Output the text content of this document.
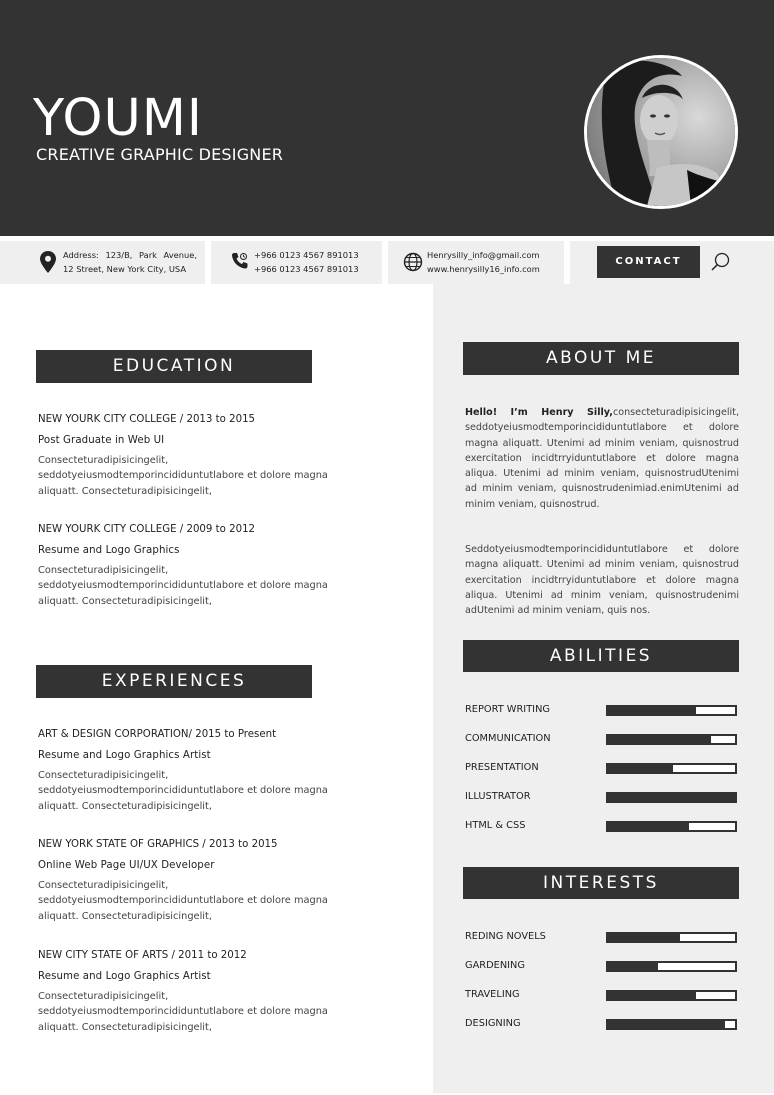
YOUMI
CREATIVE GRAPHIC DESIGNER
Address: 123/B, Park Avenue,
12 Street, New York City, USA
+966 0123 4567 891013
+966 0123 4567 891013
Henrysilly_info@gmail.com
www.henrysilly16_info.com
CONTACT
EDUCATION
NEW YOURK CITY COLLEGE / 2013 to 2015
Post Graduate in Web UI
Consecteturadipisicingelit, seddotyeiusmodtemporincididuntutlabore et dolore magna aliquatt. Consecteturadipisicingelit,
NEW YOURK CITY COLLEGE / 2009 to 2012
Resume and Logo Graphics
Consecteturadipisicingelit, seddotyeiusmodtemporincididuntutlabore et dolore magna aliquatt. Consecteturadipisicingelit,
EXPERIENCES
ART & DESIGN CORPORATION/ 2015 to Present
Resume and Logo Graphics Artist
Consecteturadipisicingelit, seddotyeiusmodtemporincididuntutlabore et dolore magna aliquatt. Consecteturadipisicingelit,
NEW YORK STATE OF GRAPHICS / 2013 to 2015
Online Web Page UI/UX Developer
Consecteturadipisicingelit, seddotyeiusmodtemporincididuntutlabore et dolore magna aliquatt. Consecteturadipisicingelit,
NEW CITY STATE OF ARTS / 2011 to 2012
Resume and Logo Graphics Artist
Consecteturadipisicingelit, seddotyeiusmodtemporincididuntutlabore et dolore magna aliquatt. Consecteturadipisicingelit,
ABOUT ME
Hello! I’m Henry Silly,consecteturadipisicingelit, seddotyeiusmodtemporincididuntutlabore et dolore magna aliquatt. Utenimi ad minim veniam, quisnostrud exercitation incidtrryiduntutlabore et dolore magna aliqua. Utenimi ad minim veniam, quisnostrudUtenimi ad minim veniam, quisnostrudenimiad.enimUtenimi ad minim veniam, quisnostrud.
Seddotyeiusmodtemporincididuntutlabore et dolore magna aliquatt. Utenimi ad minim veniam, quisnostrud exercitation incidtrryiduntutlabore et dolore magna aliqua. Utenimi ad minim veniam, quisnostrudenimi adUtenimi ad minim veniam, quis nos.
ABILITIES
REPORT WRITING
COMMUNICATION
PRESENTATION
ILLUSTRATOR
HTML & CSS
INTERESTS
REDING NOVELS
GARDENING
TRAVELING
DESIGNING
